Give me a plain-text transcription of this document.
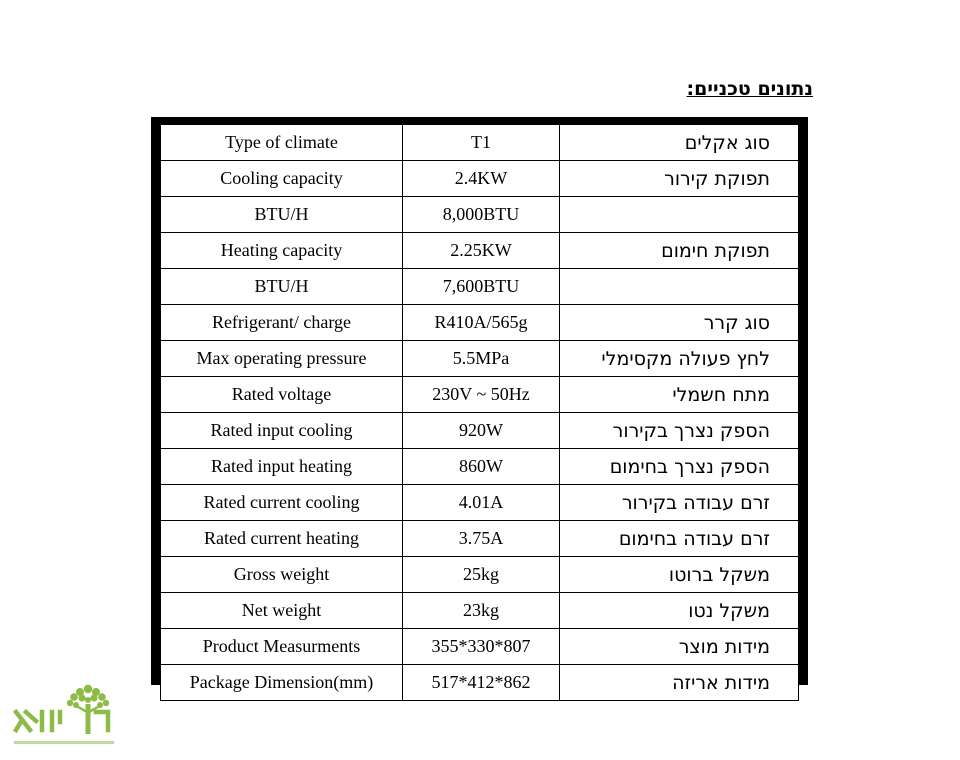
נתונים טכניים:
Type of climate	T1	סוג אקלים
Cooling capacity	2.4KW	תפוקת קירור
BTU/H	8,000BTU	
Heating capacity	2.25KW	תפוקת חימום
BTU/H	7,600BTU	
Refrigerant/ charge	R410A/565g	סוג קרר
Max operating pressure	5.5MPa	לחץ פעולה מקסימלי
Rated voltage	230V ~ 50Hz	מתח חשמלי
Rated input cooling	920W	הספק נצרך בקירור
Rated input heating	860W	הספק נצרך בחימום
Rated current cooling	4.01A	זרם עבודה בקירור
Rated current heating	3.75A	זרם עבודה בחימום
Gross weight	25kg	משקל ברוטו
Net weight	23kg	משקל נטו
Product Measurments	355*330*807	מידות מוצר
Package Dimension(mm)	517*412*862	מידות אריזה
